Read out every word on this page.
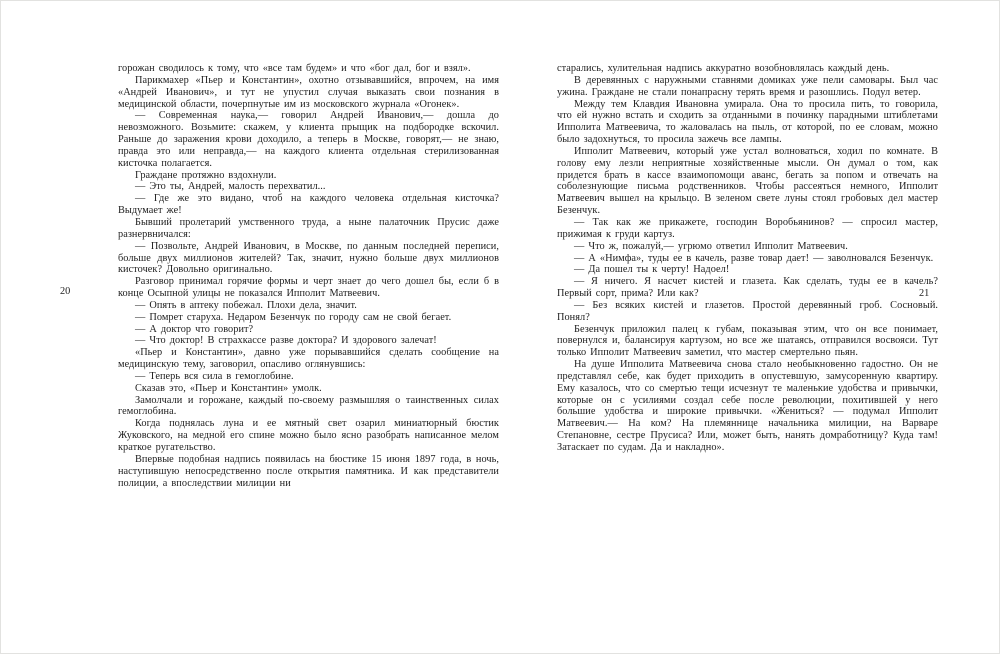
20	21

горожан сводилось к тому, что «все там будем» и что «бог дал, бог и взял».

Парикмахер «Пьер и Константин», охотно отзывавшийся, впрочем, на имя «Андрей Иванович», и тут не упустил случая выказать свои познания в медицинской области, почерпнутые им из московского журнала «Огонек».

— Современная наука,— говорил Андрей Иванович,— дошла до невозможного. Возьмите: скажем, у клиента прыщик на подбородке вскочил. Раньше до заражения крови доходило, а теперь в Москве, говорят,— не знаю, правда это или неправда,— на каждого клиента отдельная стерилизованная кисточка полагается.

Граждане протяжно вздохнули.

— Это ты, Андрей, малость перехватил...

— Где же это видано, чтоб на каждого человека отдельная кисточка? Выдумает же!

Бывший пролетарий умственного труда, а ныне палаточник Прусис даже разнервничался:

— Позвольте, Андрей Иванович, в Москве, по данным последней переписи, больше двух миллионов жителей? Так, значит, нужно больше двух миллионов кисточек? Довольно оригинально.

Разговор принимал горячие формы и черт знает до чего дошел бы, если б в конце Осыпной улицы не показался Ипполит Матвеевич.

— Опять в аптеку побежал. Плохи дела, значит.

— Помрет старуха. Недаром Безенчук по городу сам не свой бегает.

— А доктор что говорит?

— Что доктор! В страхкассе разве доктора? И здорового залечат!

«Пьер и Константин», давно уже порывавшийся сделать сообщение на медицинскую тему, заговорил, опасливо оглянувшись:

— Теперь вся сила в гемоглобине.

Сказав это, «Пьер и Константин» умолк.

Замолчали и горожане, каждый по-своему размышляя о таинственных силах гемоглобина.

Когда поднялась луна и ее мятный свет озарил миниатюрный бюстик Жуковского, на медной его спине можно было ясно разобрать написанное мелом краткое ругательство.

Впервые подобная надпись появилась на бюстике 15 июня 1897 года, в ночь, наступившую непосредственно после открытия памятника. И как представители полиции, а впоследствии милиции ни

старались, хулительная надпись аккуратно возобновлялась каждый день.

В деревянных с наружными ставнями домиках уже пели самовары. Был час ужина. Граждане не стали понапрасну терять время и разошлись. Подул ветер.

Между тем Клавдия Ивановна умирала. Она то просила пить, то говорила, что ей нужно встать и сходить за отданными в починку парадными штиблетами Ипполита Матвеевича, то жаловалась на пыль, от которой, по ее словам, можно было задохнуться, то просила зажечь все лампы.

Ипполит Матвеевич, который уже устал волноваться, ходил по комнате. В голову ему лезли неприятные хозяйственные мысли. Он думал о том, как придется брать в кассе взаимопомощи аванс, бегать за попом и отвечать на соболезнующие письма родственников. Чтобы рассеяться немного, Ипполит Матвеевич вышел на крыльцо. В зеленом свете луны стоял гробовых дел мастер Безенчук.

— Так как же прикажете, господин Воробьянинов? — спросил мастер, прижимая к груди картуз.

— Что ж, пожалуй,— угрюмо ответил Ипполит Матвеевич.

— А «Нимфа», туды ее в качель, разве товар дает! — заволновался Безенчук.

— Да пошел ты к черту! Надоел!

— Я ничего. Я насчет кистей и глазета. Как сделать, туды ее в качель? Первый сорт, прима? Или как?

— Без всяких кистей и глазетов. Простой деревянный гроб. Сосновый. Понял?

Безенчук приложил палец к губам, показывая этим, что он все понимает, повернулся и, балансируя картузом, но все же шатаясь, отправился восвояси. Тут только Ипполит Матвеевич заметил, что мастер смертельно пьян.

На душе Ипполита Матвеевича снова стало необыкновенно гадостно. Он не представлял себе, как будет приходить в опустевшую, замусоренную квартиру. Ему казалось, что со смертью тещи исчезнут те маленькие удобства и привычки, которые он с усилиями создал себе после революции, похитившей у него большие удобства и широкие привычки. «Жениться? — подумал Ипполит Матвеевич.— На ком? На племяннице начальника милиции, на Варваре Степановне, сестре Прусиса? Или, может быть, нанять домработницу? Куда там! Затаскает по судам. Да и накладно».
